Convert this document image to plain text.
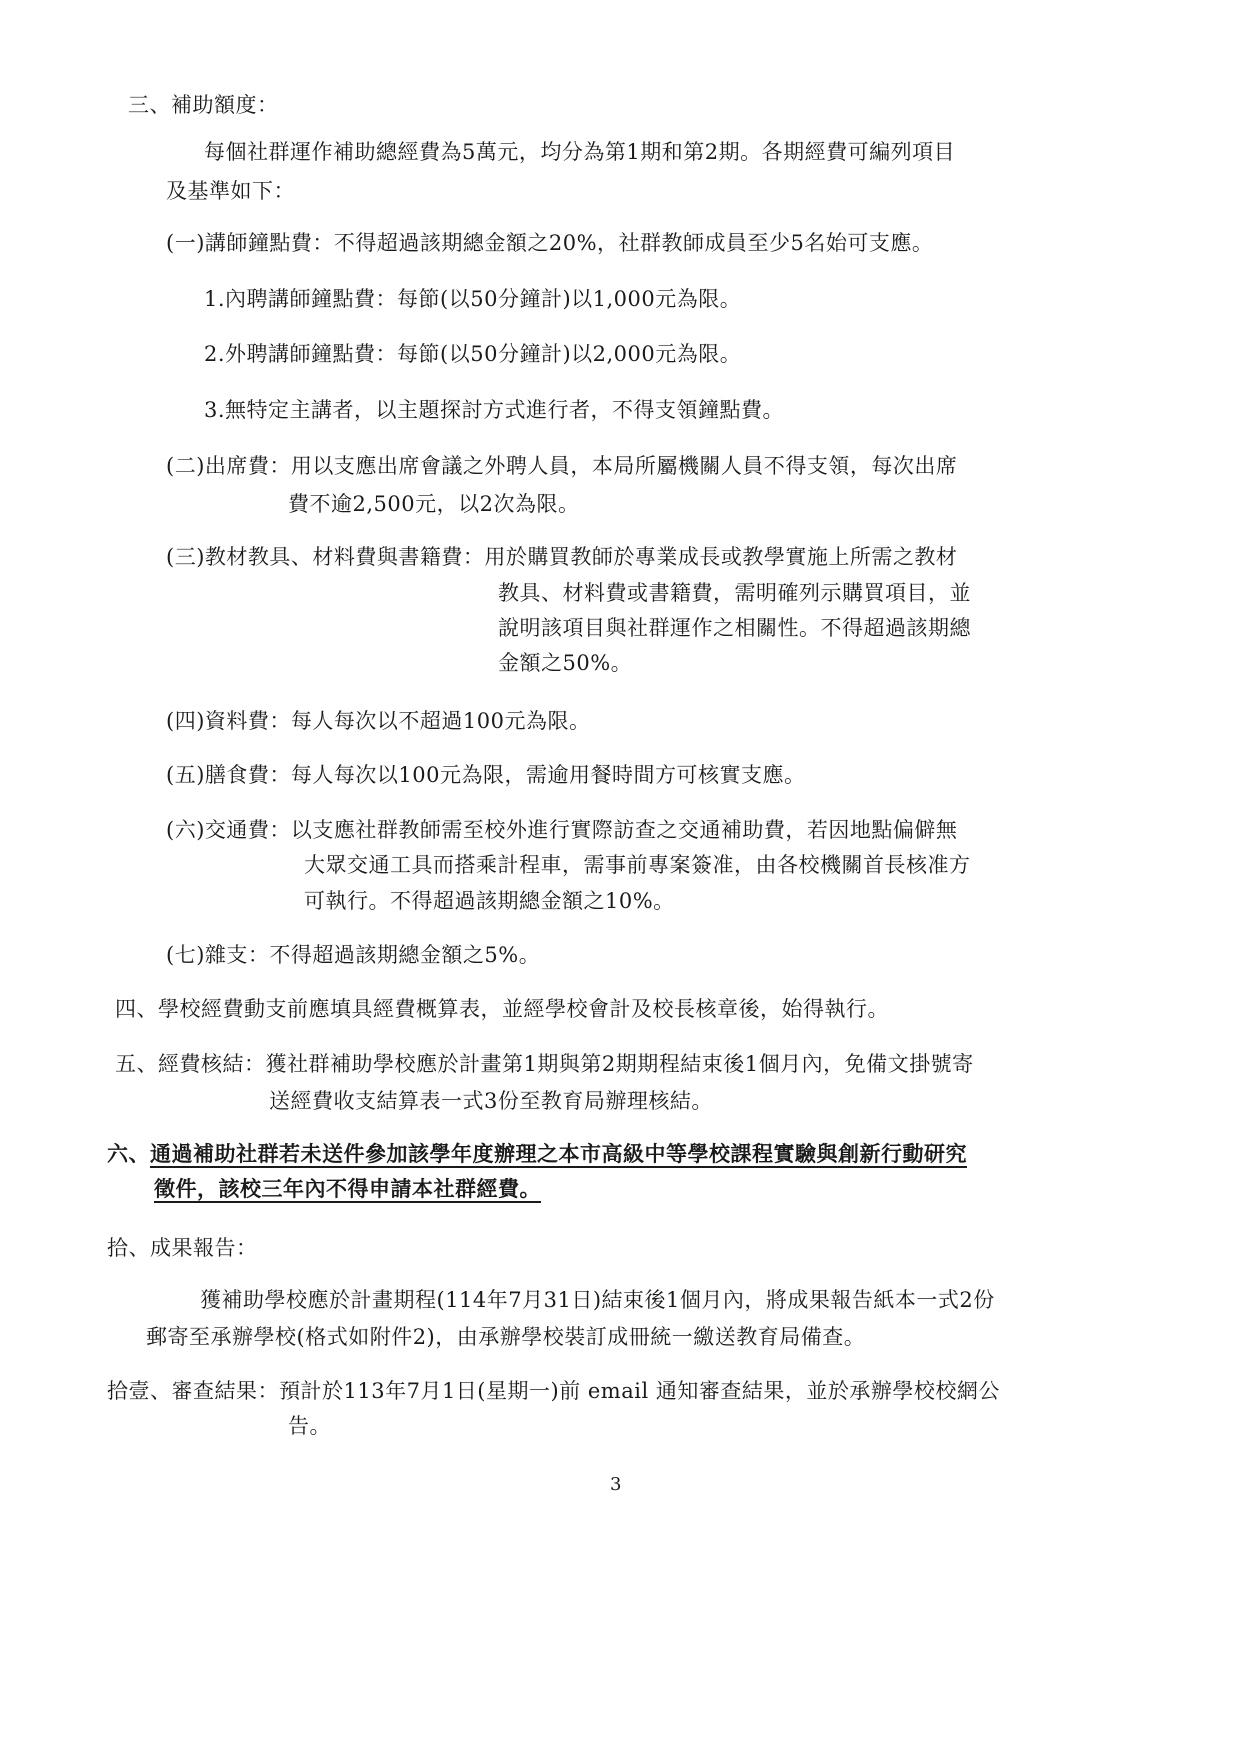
三、補助額度：
每個社群運作補助總經費為5萬元，均分為第1期和第2期。各期經費可編列項目
及基準如下：
(一)講師鐘點費：不得超過該期總金額之20%，社群教師成員至少5名始可支應。
1.內聘講師鐘點費：每節(以50分鐘計)以1,000元為限。
2.外聘講師鐘點費：每節(以50分鐘計)以2,000元為限。
3.無特定主講者，以主題探討方式進行者，不得支領鐘點費。
(二)出席費：用以支應出席會議之外聘人員，本局所屬機關人員不得支領，每次出席
費不逾2,500元，以2次為限。
(三)教材教具、材料費與書籍費：用於購買教師於專業成長或教學實施上所需之教材
教具、材料費或書籍費，需明確列示購買項目，並
說明該項目與社群運作之相關性。不得超過該期總
金額之50%。
(四)資料費：每人每次以不超過100元為限。
(五)膳食費：每人每次以100元為限，需逾用餐時間方可核實支應。
(六)交通費：以支應社群教師需至校外進行實際訪查之交通補助費，若因地點偏僻無
大眾交通工具而搭乘計程車，需事前專案簽准，由各校機關首長核准方
可執行。不得超過該期總金額之10%。
(七)雜支：不得超過該期總金額之5%。
四、學校經費動支前應填具經費概算表，並經學校會計及校長核章後，始得執行。
五、經費核結：獲社群補助學校應於計畫第1期與第2期期程結束後1個月內，免備文掛號寄
送經費收支結算表一式3份至教育局辦理核結。
六、通過補助社群若未送件參加該學年度辦理之本市高級中等學校課程實驗與創新行動研究
徵件，該校三年內不得申請本社群經費。
拾、成果報告：
獲補助學校應於計畫期程(114年7月31日)結束後1個月內，將成果報告紙本一式2份
郵寄至承辦學校(格式如附件2)，由承辦學校裝訂成冊統一繳送教育局備查。
拾壹、審查結果：預計於113年7月1日(星期一)前 email 通知審查結果，並於承辦學校校網公
告。
3
